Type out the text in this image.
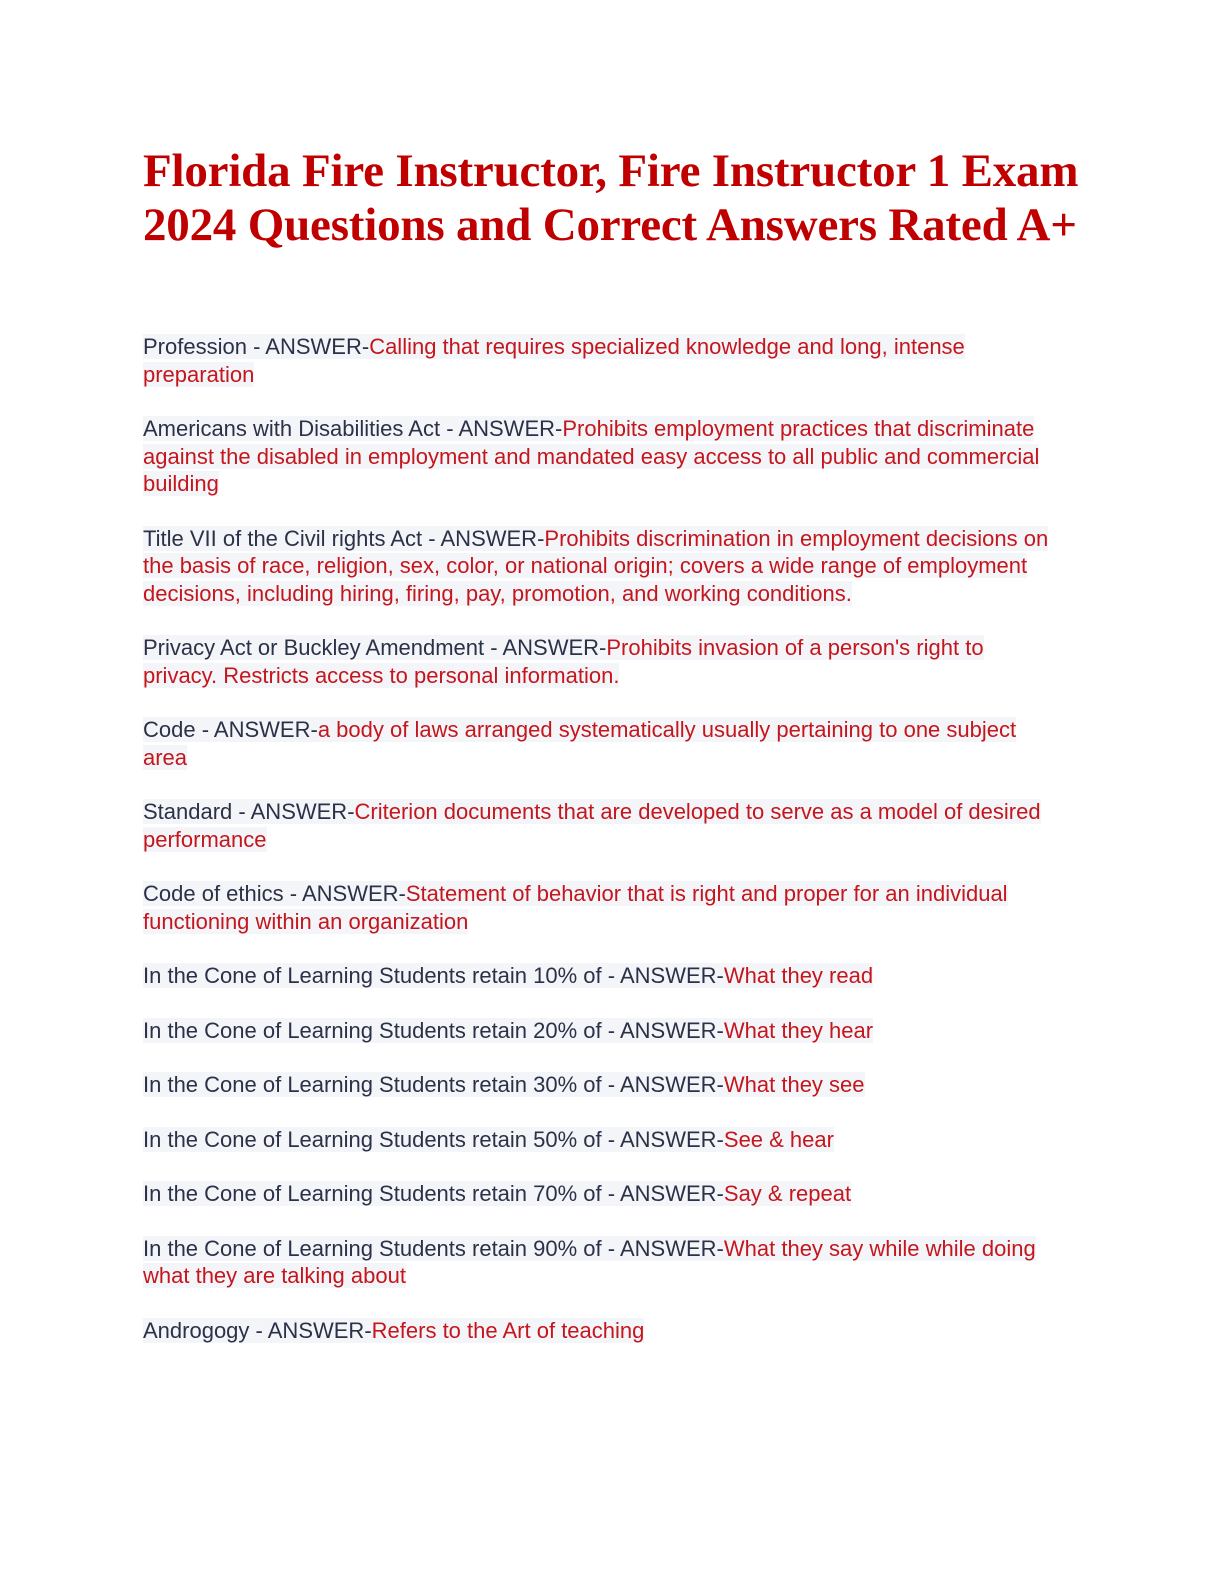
Florida Fire Instructor, Fire Instructor 1 Exam 2024 Questions and Correct Answers Rated A+
Profession - ANSWER-Calling that requires specialized knowledge and long, intense preparation
Americans with Disabilities Act - ANSWER-Prohibits employment practices that discriminate against the disabled in employment and mandated easy access to all public and commercial building
Title VII of the Civil rights Act - ANSWER-Prohibits discrimination in employment decisions on the basis of race, religion, sex, color, or national origin; covers a wide range of employment decisions, including hiring, firing, pay, promotion, and working conditions.
Privacy Act or Buckley Amendment - ANSWER-Prohibits invasion of a person's right to privacy. Restricts access to personal information.
Code - ANSWER-a body of laws arranged systematically usually pertaining to one subject area
Standard - ANSWER-Criterion documents that are developed to serve as a model of desired performance
Code of ethics - ANSWER-Statement of behavior that is right and proper for an individual functioning within an organization
In the Cone of Learning Students retain 10% of - ANSWER-What they read
In the Cone of Learning Students retain 20% of - ANSWER-What they hear
In the Cone of Learning Students retain 30% of - ANSWER-What they see
In the Cone of Learning Students retain 50% of - ANSWER-See & hear
In the Cone of Learning Students retain 70% of - ANSWER-Say & repeat
In the Cone of Learning Students retain 90% of - ANSWER-What they say while while doing what they are talking about
Androgogy - ANSWER-Refers to the Art of teaching
